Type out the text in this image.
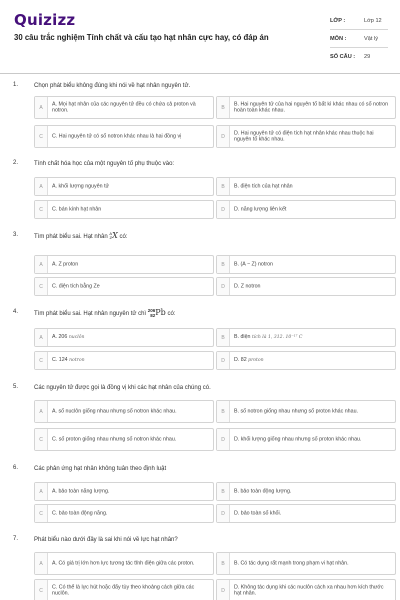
Quizizz
30 câu trắc nghiệm Tính chất và cấu tạo hạt nhân cực hay, có đáp án
LỚP :	Lớp 12
MÔN :	Vật lý
SỐ CÂU :	29
1.	Chọn phát biểu không đúng khi nói về hạt nhân nguyên tử.
A
A. Mọi hạt nhân của các nguyên tử đều có chứa cả proton và notron.	B
B. Hai nguyên tử của hai nguyên tố bất kì khác nhau có số notron hoàn toàn khác nhau.
C	C. Hai nguyên tử có số notron khác nhau là hai đồng vị	D
D. Hai nguyên tử có điện tích hạt nhân khác nhau thuộc hai nguyên tố khác nhau.
2.	Tính chất hóa học của một nguyên tố phụ thuộc vào:
A	A. khối lượng nguyên tử	B	B. điện tích của hạt nhân
C	C. bán kính hạt nhân	D	D. năng lượng liên kết
3.	Tìm phát biểu sai. Hạt nhân A
ZX có:
A	A. Z proton	B	B. (A − Z) notron
C	C. điện tích bằng Ze	D	D. Z notron
4.	Tìm phát biểu sai. Hạt nhân nguyên tử chì 206
82Pb có:
A	A. 206 nuclôn	B	B. điện tích là 1, 312. 10⁻¹⁷ C
C	C. 124 notron	D	D. 82 proton
5.	Các nguyên tử được gọi là đồng vị khi các hạt nhân của chúng có.
A	A. số nuclôn giống nhau nhưng số notron khác nhau.	B	B. số notron giống nhau nhưng số proton khác nhau.
C	C. số proton giống nhau nhưng số notron khác nhau.	D	D. khối lượng giống nhau nhưng số proton khác nhau.
6.	Các phản ứng hạt nhân không tuân theo định luật
A	A. bảo toàn năng lượng.	B	B. bảo toàn động lượng.
C	C. bảo toàn động năng.	D	D. bảo toàn số khối.
7.	Phát biểu nào dưới đây là sai khi nói về lực hạt nhân?
A	A. Có giá trị lớn hơn lực tương tác tĩnh điện giữa các proton.	B	B. Có tác dụng rất mạnh trong phạm vi hạt nhân.
C
C. Có thể là lực hút hoặc đẩy tùy theo khoảng cách giữa các nuclôn.	D
D. Không tác dụng khi các nuclôn cách xa nhau hơn kích thước hạt nhân.
